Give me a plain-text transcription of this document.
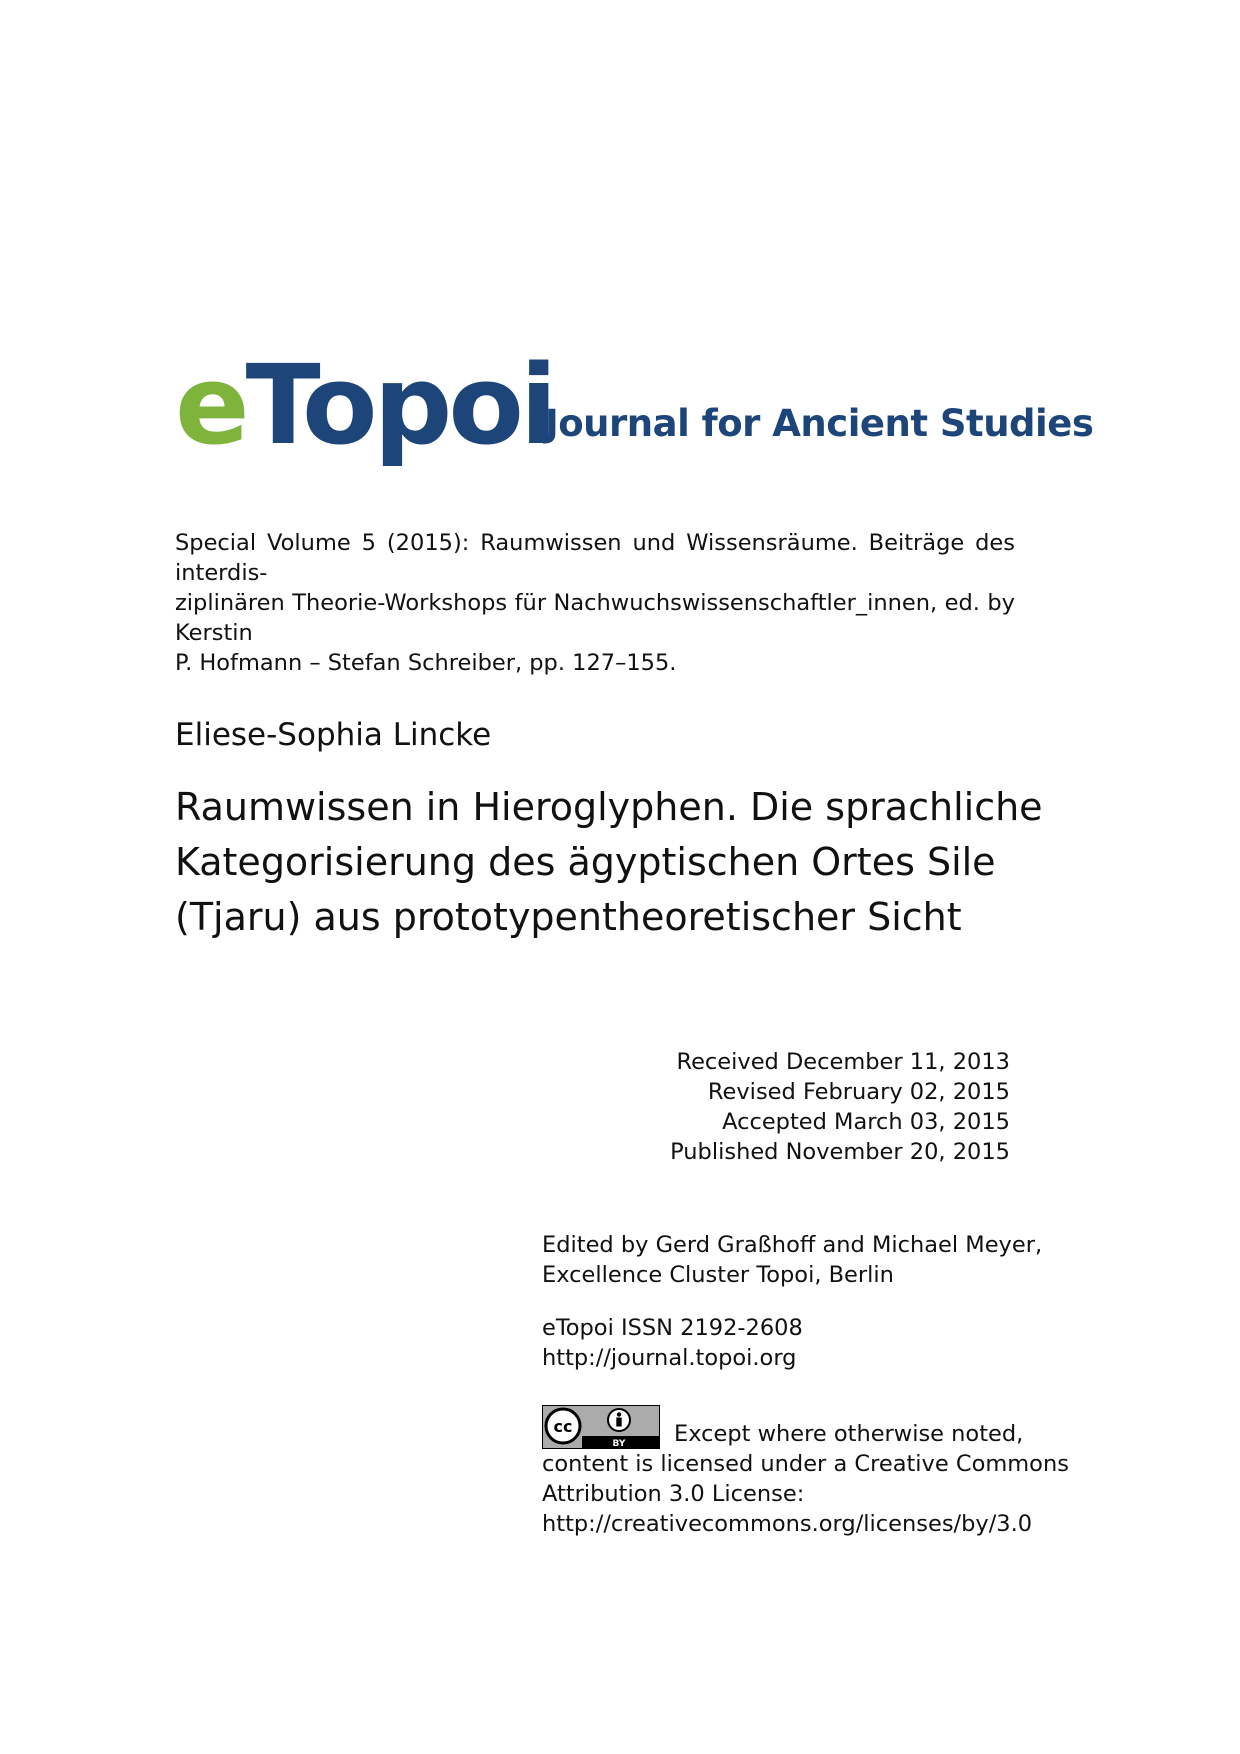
eTopoi
Journal for Ancient Studies
Special Volume 5 (2015): Raumwissen und Wissensräume. Beiträge des interdis-
ziplinären Theorie-Workshops für Nachwuchswissenschaftler_innen, ed. by Kerstin
P. Hofmann – Stefan Schreiber, pp. 127–155.
Eliese-Sophia Lincke
Raumwissen in Hieroglyphen. Die sprachliche
Kategorisierung des ägyptischen Ortes Sile
(Tjaru) aus prototypentheoretischer Sicht
Received December 11, 2013
Revised February 02, 2015
Accepted March 03, 2015
Published November 20, 2015
Edited by Gerd Graßhoff and Michael Meyer,
Excellence Cluster Topoi, Berlin
eTopoi ISSN 2192-2608
http://journal.topoi.org
cc
BY Except where otherwise noted,
content is licensed under a Creative Commons
Attribution 3.0 License:
http://creativecommons.org/licenses/by/3.0
